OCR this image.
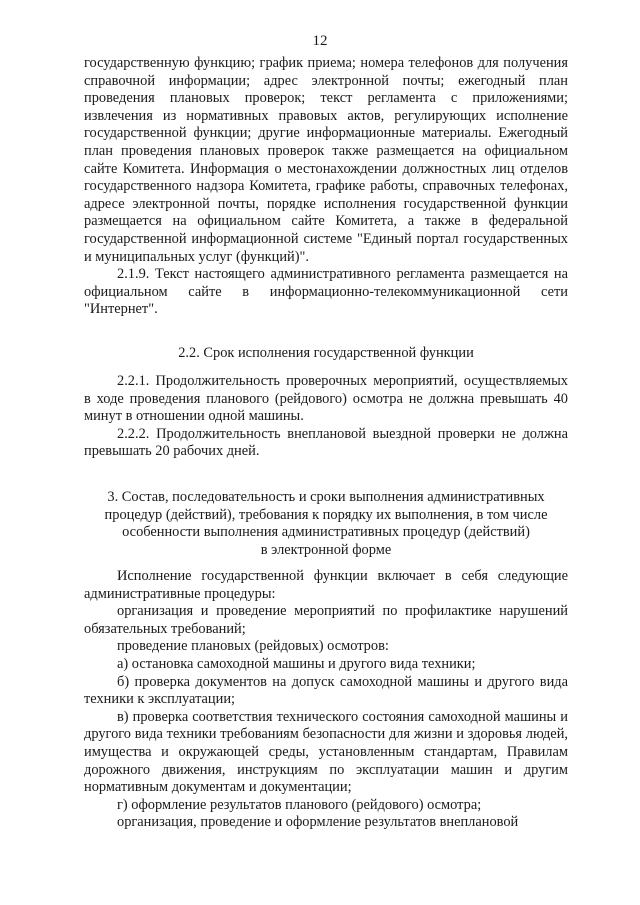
12

государственную функцию; график приема; номера телефонов для получения справочной информации; адрес электронной почты; ежегодный план проведения плановых проверок; текст регламента с приложениями; извлечения из нормативных правовых актов, регулирующих исполнение государственной функции; другие информационные материалы. Ежегодный план проведения плановых проверок также размещается на официальном сайте Комитета. Информация о местонахождении должностных лиц отделов государственного надзора Комитета, графике работы, справочных телефонах, адресе электронной почты, порядке исполнения государственной функции размещается на официальном сайте Комитета, а также в федеральной государственной информационной системе "Единый портал государственных и муниципальных услуг (функций)".

2.1.9. Текст настоящего административного регламента размещается на официальном сайте в информационно-телекоммуникационной сети "Интернет".

2.2. Срок исполнения государственной функции

2.2.1. Продолжительность проверочных мероприятий, осуществляемых в ходе проведения планового (рейдового) осмотра не должна превышать 40 минут в отношении одной машины.

2.2.2. Продолжительность внеплановой выездной проверки не должна превышать 20 рабочих дней.

3. Состав, последовательность и сроки выполнения административных
процедур (действий), требования к порядку их выполнения, в том числе
особенности выполнения административных процедур (действий)
в электронной форме

Исполнение государственной функции включает в себя следующие административные процедуры:

организация и проведение мероприятий по профилактике нарушений обязательных требований;

проведение плановых (рейдовых) осмотров:

а) остановка самоходной машины и другого вида техники;

б) проверка документов на допуск самоходной машины и другого вида техники к эксплуатации;

в) проверка соответствия технического состояния самоходной машины и другого вида техники требованиям безопасности для жизни и здоровья людей, имущества и окружающей среды, установленным стандартам, Правилам дорожного движения, инструкциям по эксплуатации машин и другим нормативным документам и документации;

г) оформление результатов планового (рейдового) осмотра;

организация, проведение и оформление результатов внеплановой
